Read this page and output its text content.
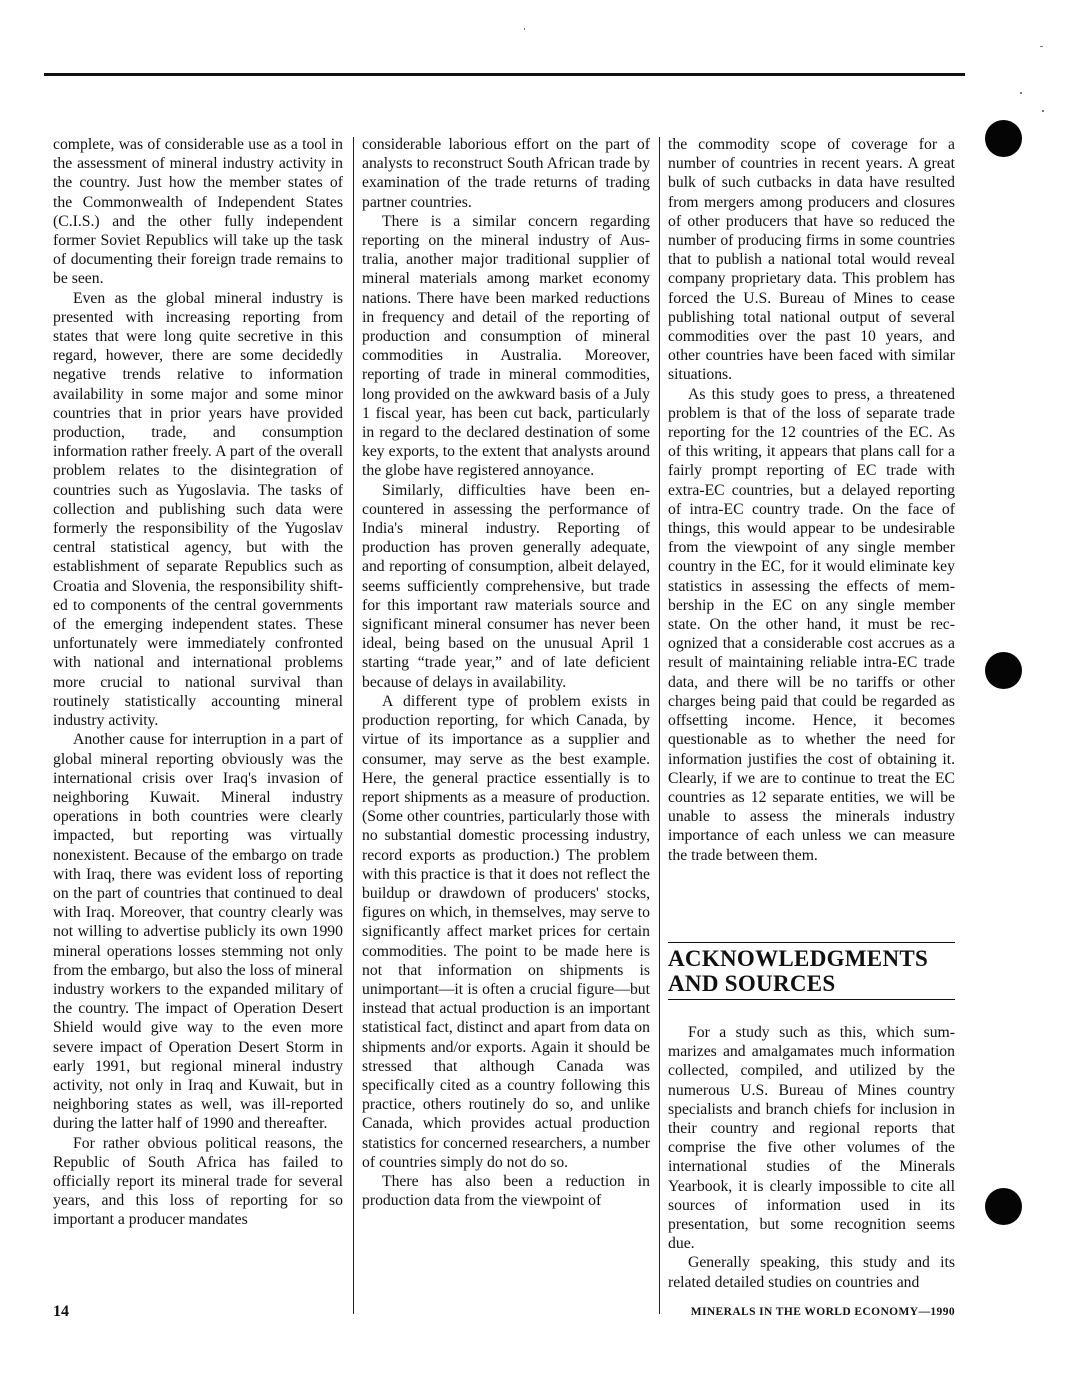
complete, was of considerable use as a tool in the assessment of mineral industry activity in the country. Just how the member states of the Commonwealth of Independent States (C.I.S.) and the other fully independent former Soviet Republics will take up the task of documenting their foreign trade remains to be seen.

Even as the global mineral industry is presented with increasing reporting from states that were long quite secretive in this regard, however, there are some decidedly negative trends relative to information availability in some major and some minor countries that in prior years have provided production, trade, and consumption information rather freely. A part of the overall problem relates to the disintegration of countries such as Yugoslavia. The tasks of collection and publishing such data were formerly the responsibility of the Yugoslav central statistical agency, but with the establishment of separate Republics such as Croatia and Slovenia, the responsibility shifted to components of the central governments of the emerging independent states. These unfortunately were immediately confronted with national and international problems more crucial to national survival than routinely statistically accounting mineral industry activity.

Another cause for interruption in a part of global mineral reporting obviously was the international crisis over Iraq's invasion of neighboring Kuwait. Mineral industry operations in both countries were clearly impacted, but reporting was virtually nonexistent. Because of the embargo on trade with Iraq, there was evident loss of reporting on the part of countries that continued to deal with Iraq. Moreover, that country clearly was not willing to advertise publicly its own 1990 mineral operations losses stemming not only from the embargo, but also the loss of mineral industry workers to the expanded military of the country. The impact of Operation Desert Shield would give way to the even more severe impact of Operation Desert Storm in early 1991, but regional mineral industry activity, not only in Iraq and Kuwait, but in neighboring states as well, was ill-reported during the latter half of 1990 and thereafter.

For rather obvious political reasons, the Republic of South Africa has failed to officially report its mineral trade for several years, and this loss of reporting for so important a producer mandates

considerable laborious effort on the part of analysts to reconstruct South African trade by examination of the trade returns of trading partner countries.

There is a similar concern regarding reporting on the mineral industry of Australia, another major traditional supplier of mineral materials among market economy nations. There have been marked reductions in frequency and detail of the reporting of production and consumption of mineral commodities in Australia. Moreover, reporting of trade in mineral commodities, long provided on the awkward basis of a July 1 fiscal year, has been cut back, particularly in regard to the declared destination of some key exports, to the extent that analysts around the globe have registered annoyance.

Similarly, difficulties have been encountered in assessing the performance of India's mineral industry. Reporting of production has proven generally adequate, and reporting of consumption, albeit delayed, seems sufficiently comprehensive, but trade for this important raw materials source and significant mineral consumer has never been ideal, being based on the unusual April 1 starting “trade year,” and of late deficient because of delays in availability.

A different type of problem exists in production reporting, for which Canada, by virtue of its importance as a supplier and consumer, may serve as the best example. Here, the general practice essentially is to report shipments as a measure of production. (Some other countries, particularly those with no substantial domestic processing industry, record exports as production.) The problem with this practice is that it does not reflect the buildup or drawdown of producers' stocks, figures on which, in themselves, may serve to significantly affect market prices for certain commodities. The point to be made here is not that information on shipments is unimportant—it is often a crucial figure—but instead that actual production is an important statistical fact, distinct and apart from data on shipments and/or exports. Again it should be stressed that although Canada was specifically cited as a country following this practice, others routinely do so, and unlike Canada, which provides actual production statistics for concerned researchers, a number of countries simply do not do so.

There has also been a reduction in production data from the viewpoint of

the commodity scope of coverage for a number of countries in recent years. A great bulk of such cutbacks in data have resulted from mergers among producers and closures of other producers that have so reduced the number of producing firms in some countries that to publish a national total would reveal company proprietary data. This problem has forced the U.S. Bureau of Mines to cease publishing total national output of several commodities over the past 10 years, and other countries have been faced with similar situations.

As this study goes to press, a threatened problem is that of the loss of separate trade reporting for the 12 countries of the EC. As of this writing, it appears that plans call for a fairly prompt reporting of EC trade with extra-EC countries, but a delayed reporting of intra-EC country trade. On the face of things, this would appear to be undesirable from the viewpoint of any single member country in the EC, for it would eliminate key statistics in assessing the effects of membership in the EC on any single member state. On the other hand, it must be recognized that a considerable cost accrues as a result of maintaining reliable intra-EC trade data, and there will be no tariffs or other charges being paid that could be regarded as offsetting income. Hence, it becomes questionable as to whether the need for information justifies the cost of obtaining it. Clearly, if we are to continue to treat the EC countries as 12 separate entities, we will be unable to assess the minerals industry importance of each unless we can measure the trade between them.

ACKNOWLEDGMENTS
AND SOURCES

For a study such as this, which summarizes and amalgamates much information collected, compiled, and utilized by the numerous U.S. Bureau of Mines country specialists and branch chiefs for inclusion in their country and regional reports that comprise the five other volumes of the international studies of the Minerals Yearbook, it is clearly impossible to cite all sources of information used in its presentation, but some recognition seems due.

Generally speaking, this study and its related detailed studies on countries and

14	MINERALS IN THE WORLD ECONOMY—1990
